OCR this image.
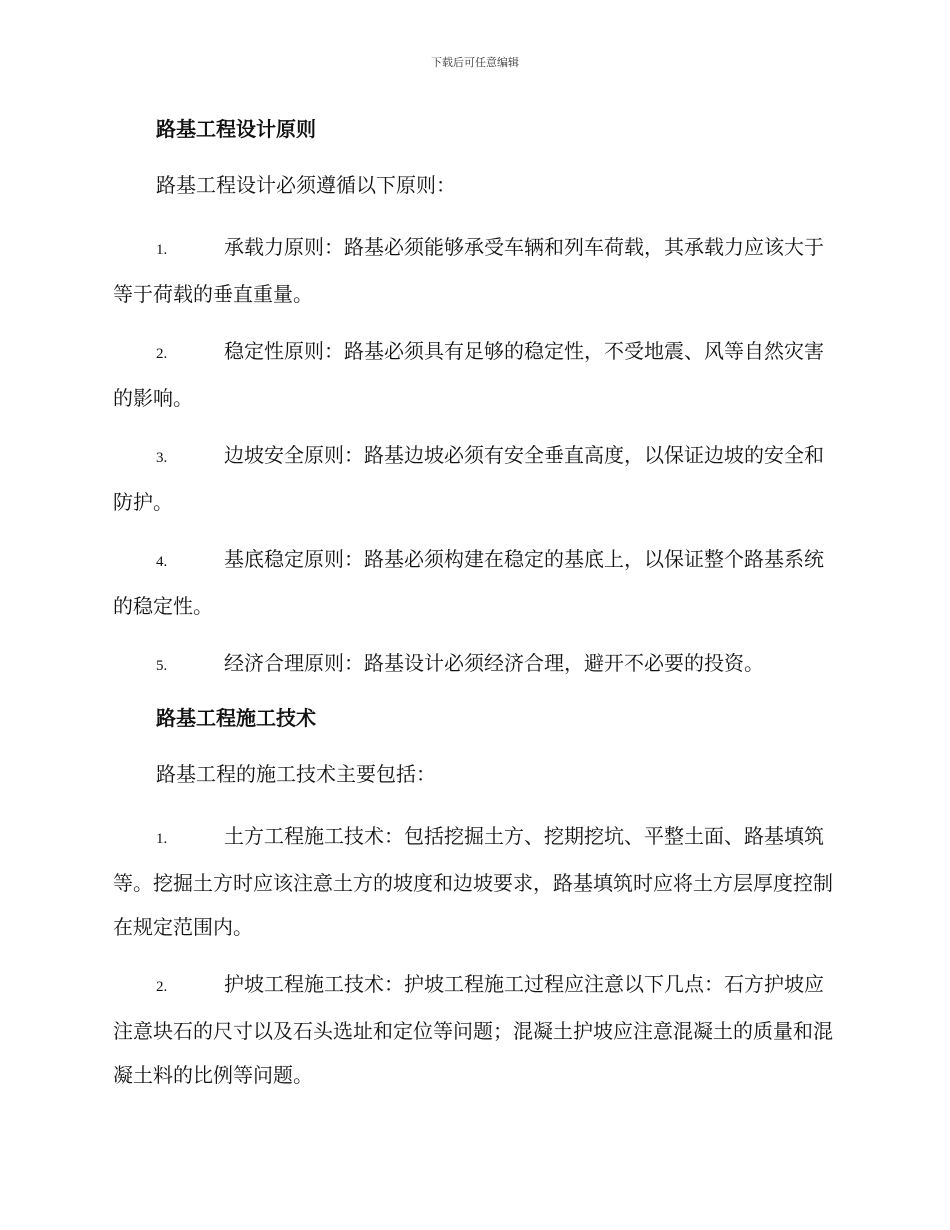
下载后可任意编辑
路基工程设计原则
路基工程设计必须遵循以下原则：
1.	承载力原则：路基必须能够承受车辆和列车荷载，其承载力应该大于等于荷载的垂直重量。
2.	稳定性原则：路基必须具有足够的稳定性，不受地震、风等自然灾害的影响。
3.	边坡安全原则：路基边坡必须有安全垂直高度，以保证边坡的安全和防护。
4.	基底稳定原则：路基必须构建在稳定的基底上，以保证整个路基系统的稳定性。
5.	经济合理原则：路基设计必须经济合理，避开不必要的投资。
路基工程施工技术
路基工程的施工技术主要包括：
1.	土方工程施工技术：包括挖掘土方、挖期挖坑、平整土面、路基填筑等。挖掘土方时应该注意土方的坡度和边坡要求，路基填筑时应将土方层厚度控制在规定范围内。
2.	护坡工程施工技术：护坡工程施工过程应注意以下几点：石方护坡应注意块石的尺寸以及石头选址和定位等问题；混凝土护坡应注意混凝土的质量和混凝土料的比例等问题。
